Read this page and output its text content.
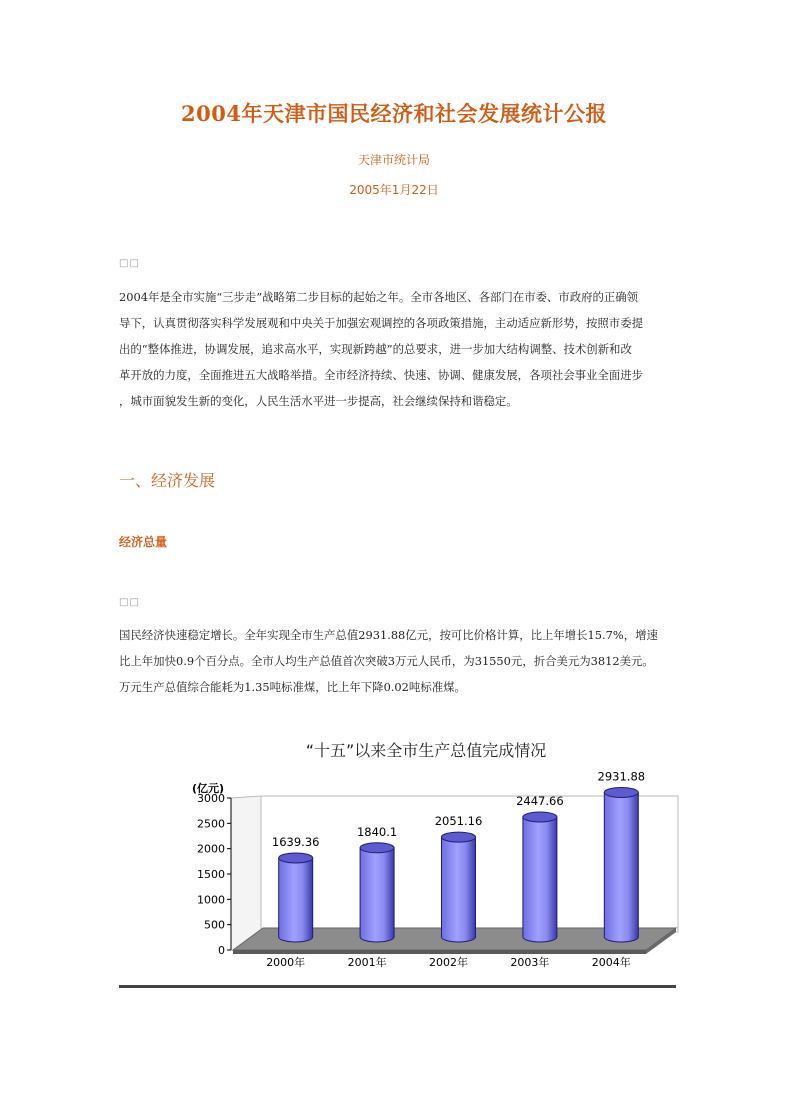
2004年天津市国民经济和社会发展统计公报
天津市统计局
2005年1月22日
□□
2004年是全市实施“三步走”战略第二步目标的起始之年。全市各地区、各部门在市委、市政府的正确领
导下，认真贯彻落实科学发展观和中央关于加强宏观调控的各项政策措施，主动适应新形势，按照市委提
出的“整体推进，协调发展，追求高水平，实现新跨越”的总要求，进一步加大结构调整、技术创新和改
革开放的力度，全面推进五大战略举措。全市经济持续、快速、协调、健康发展，各项社会事业全面进步
，城市面貌发生新的变化，人民生活水平进一步提高，社会继续保持和谐稳定。
一、经济发展
经济总量
□□
国民经济快速稳定增长。全年实现全市生产总值2931.88亿元，按可比价格计算，比上年增长15.7%，增速
比上年加快0.9个百分点。全市人均生产总值首次突破3万元人民币，为31550元，折合美元为3812美元。
万元生产总值综合能耗为1.35吨标准煤，比上年下降0.02吨标准煤。
“十五”以来全市生产总值完成情况
(亿元)
0
500
1000
1500
2000
2500
3000
1639.36
2000年
1840.1
2001年
2051.16
2002年
2447.66
2003年
2931.88
2004年
